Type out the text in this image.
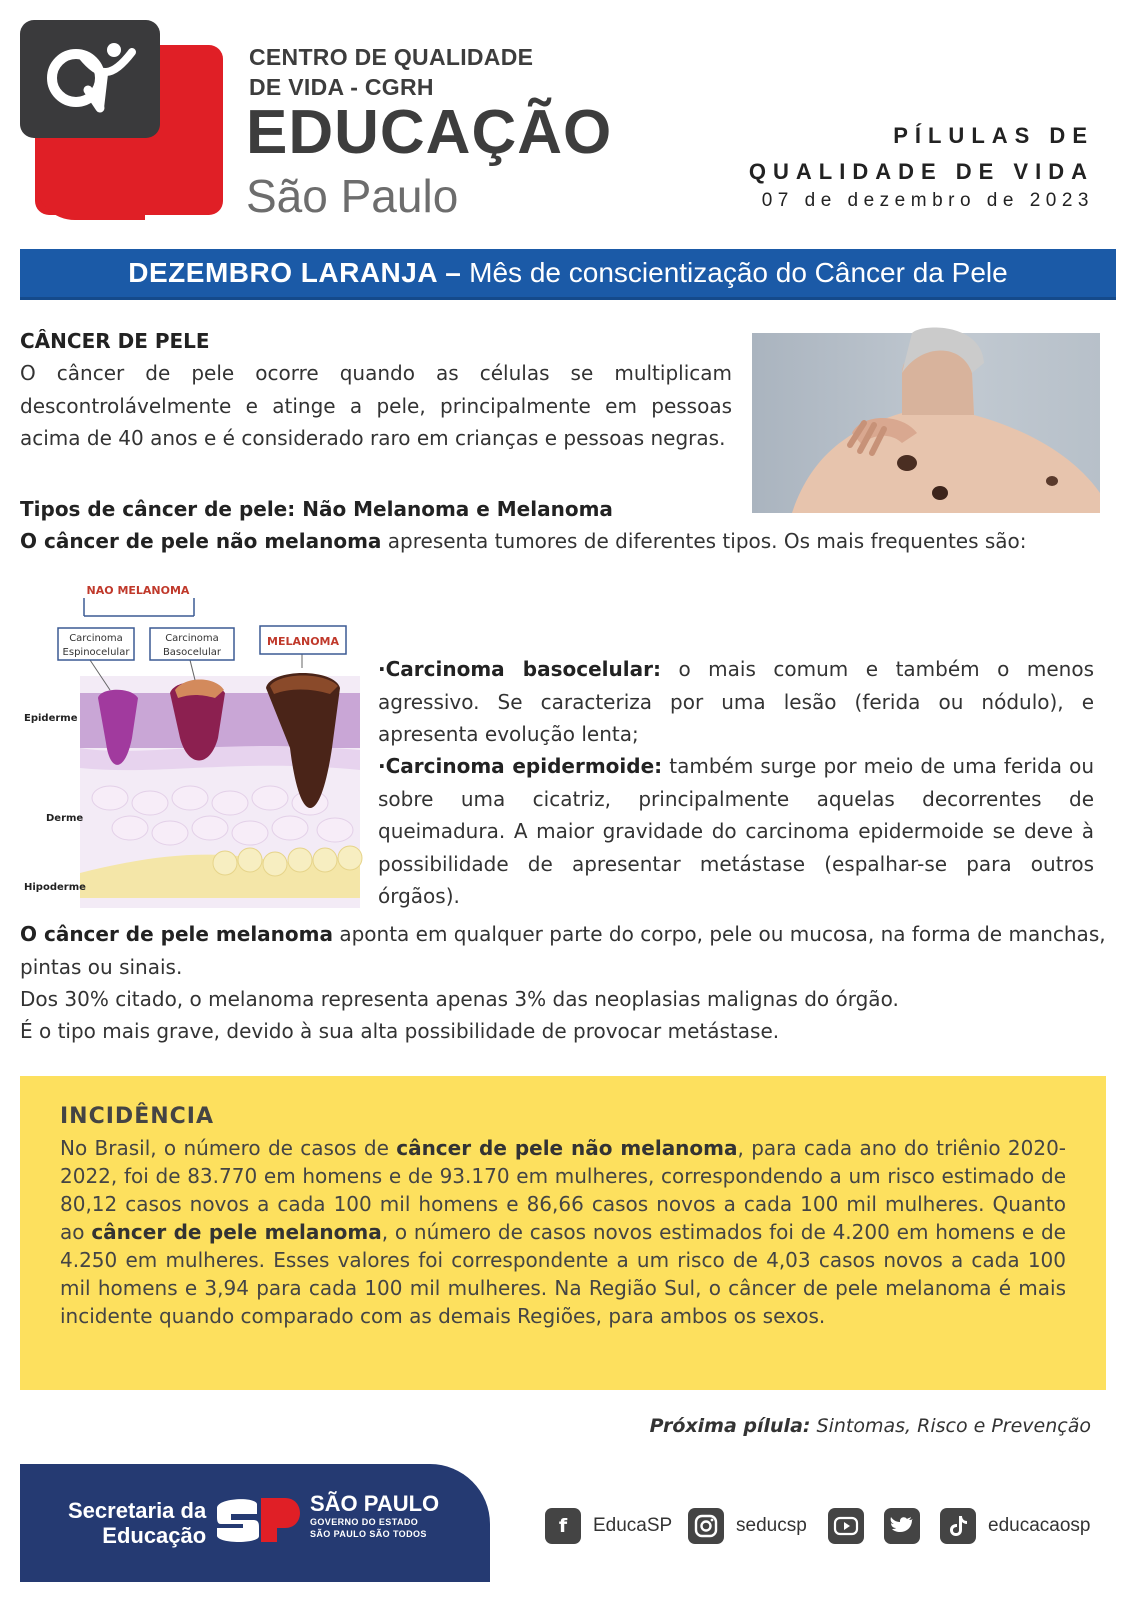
CENTRO DE QUALIDADE
DE VIDA - CGRH
EDUCAÇÃO
São Paulo
PÍLULAS DE
QUALIDADE DE VIDA
07 de dezembro de 2023
DEZEMBRO LARANJA – Mês de conscientização do Câncer da Pele
CÂNCER DE PELE
O câncer de pele ocorre quando as células se multiplicam descontrolávelmente e atinge a pele, principalmente em pessoas acima de 40 anos e é considerado raro em crianças e pessoas negras.
Tipos de câncer de pele: Não Melanoma e Melanoma
O câncer de pele não melanoma apresenta tumores de diferentes tipos. Os mais frequentes são:
NAO MELANOMA
Carcinoma
Espinocelular
Carcinoma
Basocelular
MELANOMA
Epiderme
Derme
Hipoderme
·Carcinoma basocelular: o mais comum e também o menos agressivo. Se caracteriza por uma lesão (ferida ou nódulo), e apresenta evolução lenta;
·Carcinoma epidermoide: também surge por meio de uma ferida ou sobre uma cicatriz, principalmente aquelas decorrentes de queimadura. A maior gravidade do carcinoma epidermoide se deve à possibilidade de apresentar metástase (espalhar-se para outros órgãos).
O câncer de pele melanoma aponta em qualquer parte do corpo, pele ou mucosa, na forma de manchas, pintas ou sinais.
Dos 30% citado, o melanoma representa apenas 3% das neoplasias malignas do órgão.
É o tipo mais grave, devido à sua alta possibilidade de provocar metástase.
INCIDÊNCIA
No Brasil, o número de casos de câncer de pele não melanoma, para cada ano do triênio 2020-2022, foi de 83.770 em homens e de 93.170 em mulheres, correspondendo a um risco estimado de 80,12 casos novos a cada 100 mil homens e 86,66 casos novos a cada 100 mil mulheres. Quanto ao câncer de pele melanoma, o número de casos novos estimados foi de 4.200 em homens e de 4.250 em mulheres. Esses valores foi correspondente a um risco de 4,03 casos novos a cada 100 mil homens e 3,94 para cada 100 mil mulheres. Na Região Sul, o câncer de pele melanoma é mais incidente quando comparado com as demais Regiões, para ambos os sexos.
Próxima pílula: Sintomas, Risco e Prevenção
Secretaria da
Educação
SÃO PAULO
GOVERNO DO ESTADO
SÃO PAULO SÃO TODOS	f	EducaSP	seducsp	educacaosp
